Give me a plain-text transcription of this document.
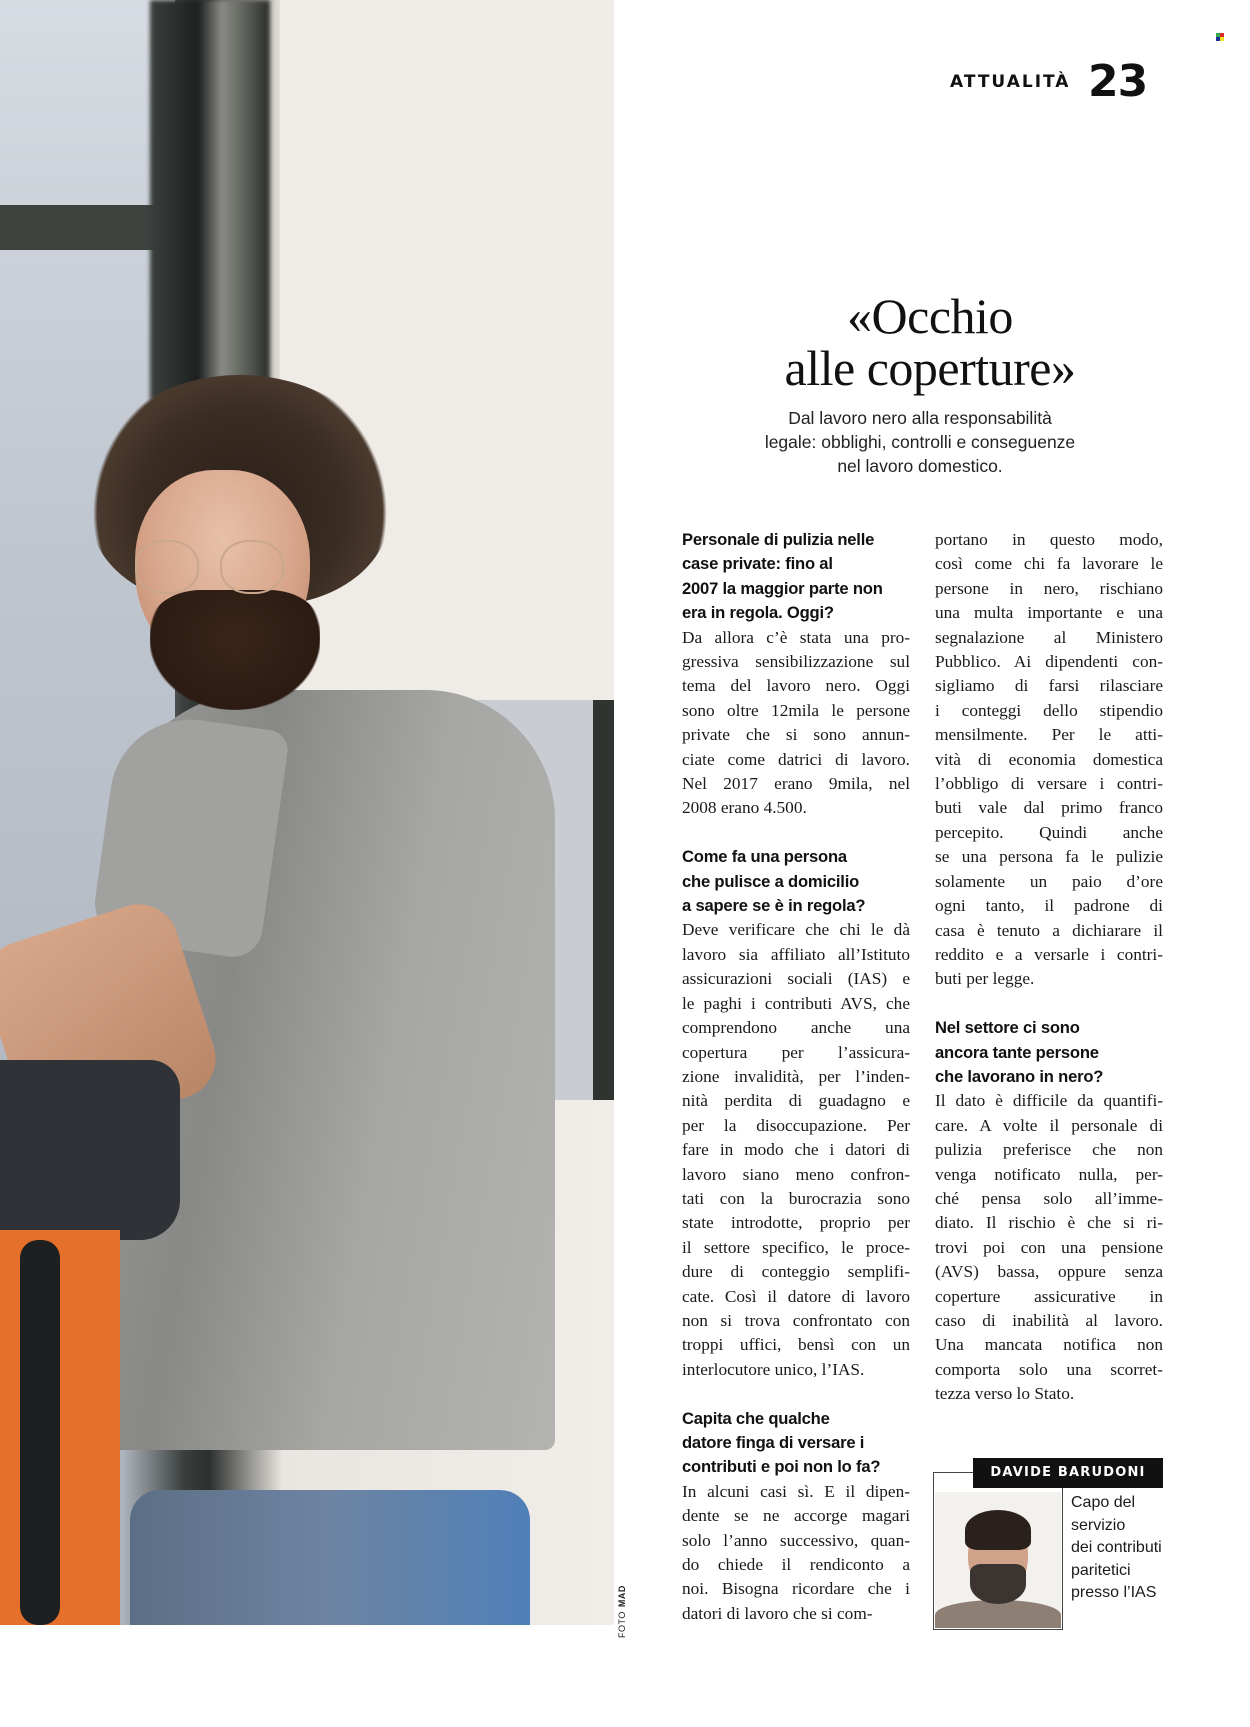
FOTOMAD
ATTUALITÀ 23
«Occhio
alle coperture»
Dal lavoro nero alla responsabilità
legale: obblighi, controlli e conseguenze
nel lavoro domestico.
Personale di pulizia nelle
case private: fino al
2007 la maggior parte non
era in regola. Oggi?
Da allora c’è stata una pro-
gressiva sensibilizzazione sul
tema del lavoro nero. Oggi
sono oltre 12mila le persone
private che si sono annun-
ciate come datrici di lavoro.
Nel 2017 erano 9mila, nel
2008 erano 4.500.
Come fa una persona
che pulisce a domicilio
a sapere se è in regola?
Deve verificare che chi le dà
lavoro sia affiliato all’Istituto
assicurazioni sociali (IAS) e
le paghi i contributi AVS, che
comprendono anche una
copertura per l’assicura-
zione invalidità, per l’inden-
nità perdita di guadagno e
per la disoccupazione. Per
fare in modo che i datori di
lavoro siano meno confron-
tati con la burocrazia sono
state introdotte, proprio per
il settore specifico, le proce-
dure di conteggio semplifi-
cate. Così il datore di lavoro
non si trova confrontato con
troppi uffici, bensì con un
interlocutore unico, l’IAS.
Capita che qualche
datore finga di versare i
contributi e poi non lo fa?
In alcuni casi sì. E il dipen-
dente se ne accorge magari
solo l’anno successivo, quan-
do chiede il rendiconto a
noi. Bisogna ricordare che i
datori di lavoro che si com-
portano in questo modo,
così come chi fa lavorare le
persone in nero, rischiano
una multa importante e una
segnalazione al Ministero
Pubblico. Ai dipendenti con-
sigliamo di farsi rilasciare
i conteggi dello stipendio
mensilmente. Per le atti-
vità di economia domestica
l’obbligo di versare i contri-
buti vale dal primo franco
percepito. Quindi anche
se una persona fa le pulizie
solamente un paio d’ore
ogni tanto, il padrone di
casa è tenuto a dichiarare il
reddito e a versarle i contri-
buti per legge.
Nel settore ci sono
ancora tante persone
che lavorano in nero?
Il dato è difficile da quantifi-
care. A volte il personale di
pulizia preferisce che non
venga notificato nulla, per-
ché pensa solo all’imme-
diato. Il rischio è che si ri-
trovi poi con una pensione
(AVS) bassa, oppure senza
coperture assicurative in
caso di inabilità al lavoro.
Una mancata notifica non
comporta solo una scorret-
tezza verso lo Stato.
DAVIDE BARUDONI
Capo del
servizio
dei contributi
paritetici
presso l’IAS
